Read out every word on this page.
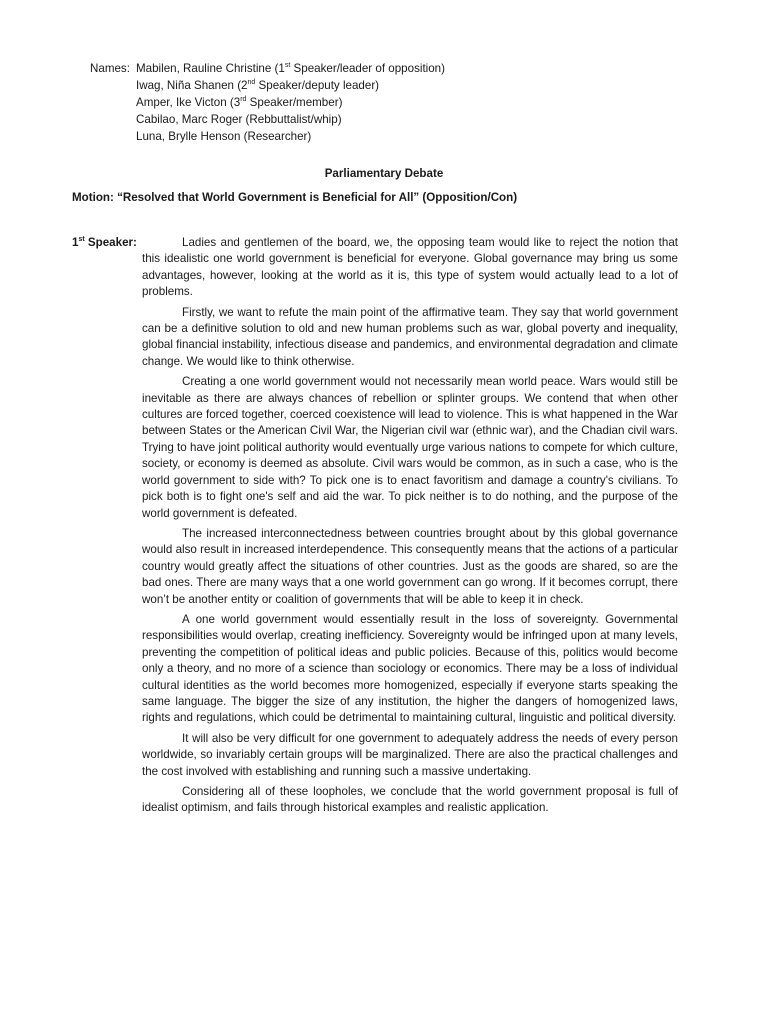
Names: Mabilen, Rauline Christine (1st Speaker/leader of opposition)
Iwag, Niña Shanen (2nd Speaker/deputy leader)
Amper, Ike Victon (3rd Speaker/member)
Cabilao, Marc Roger (Rebbuttalist/whip)
Luna, Brylle Henson (Researcher)
Parliamentary Debate
Motion: “Resolved that World Government is Beneficial for All” (Opposition/Con)
1st Speaker:	Ladies and gentlemen of the board, we, the opposing team would like to reject the notion that this idealistic one world government is beneficial for everyone. Global governance may bring us some advantages, however, looking at the world as it is, this type of system would actually lead to a lot of problems.

Firstly, we want to refute the main point of the affirmative team. They say that world government can be a definitive solution to old and new human problems such as war, global poverty and inequality, global financial instability, infectious disease and pandemics, and environmental degradation and climate change. We would like to think otherwise.

Creating a one world government would not necessarily mean world peace. Wars would still be inevitable as there are always chances of rebellion or splinter groups. We contend that when other cultures are forced together, coerced coexistence will lead to violence. This is what happened in the War between States or the American Civil War, the Nigerian civil war (ethnic war), and the Chadian civil wars. Trying to have joint political authority would eventually urge various nations to compete for which culture, society, or economy is deemed as absolute. Civil wars would be common, as in such a case, who is the world government to side with? To pick one is to enact favoritism and damage a country's civilians. To pick both is to fight one's self and aid the war. To pick neither is to do nothing, and the purpose of the world government is defeated.

The increased interconnectedness between countries brought about by this global governance would also result in increased interdependence. This consequently means that the actions of a particular country would greatly affect the situations of other countries. Just as the goods are shared, so are the bad ones. There are many ways that a one world government can go wrong. If it becomes corrupt, there won’t be another entity or coalition of governments that will be able to keep it in check.

A one world government would essentially result in the loss of sovereignty. Governmental responsibilities would overlap, creating inefficiency. Sovereignty would be infringed upon at many levels, preventing the competition of political ideas and public policies. Because of this, politics would become only a theory, and no more of a science than sociology or economics. There may be a loss of individual cultural identities as the world becomes more homogenized, especially if everyone starts speaking the same language. The bigger the size of any institution, the higher the dangers of homogenized laws, rights and regulations, which could be detrimental to maintaining cultural, linguistic and political diversity.

It will also be very difficult for one government to adequately address the needs of every person worldwide, so invariably certain groups will be marginalized. There are also the practical challenges and the cost involved with establishing and running such a massive undertaking.

Considering all of these loopholes, we conclude that the world government proposal is full of idealist optimism, and fails through historical examples and realistic application.
